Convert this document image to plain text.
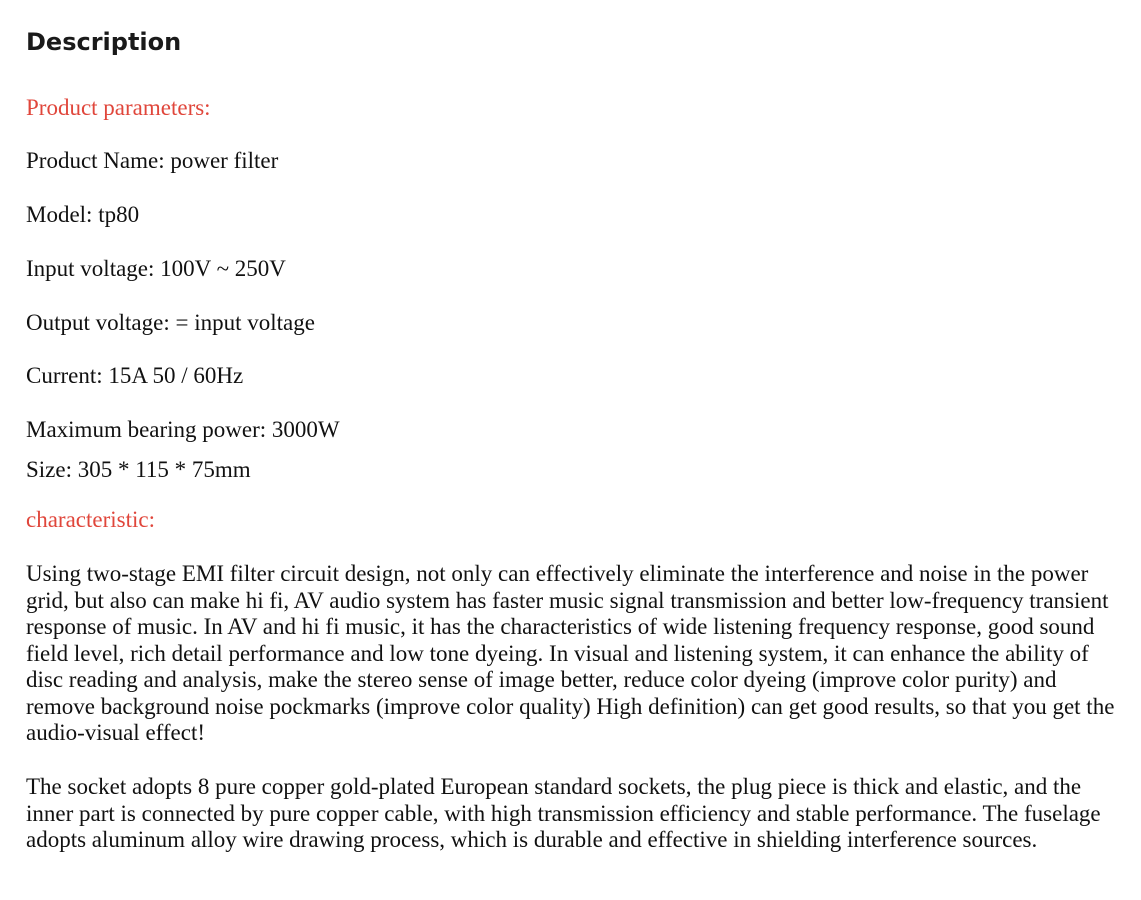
Description

Product parameters:

Product Name: power filter

Model: tp80

Input voltage: 100V ~ 250V

Output voltage: = input voltage

Current: 15A 50 / 60Hz

Maximum bearing power: 3000W

Size: 305 * 115 * 75mm

characteristic:

Using two-stage EMI filter circuit design, not only can effectively eliminate the interference and noise in the power grid, but also can make hi fi, AV audio system has faster music signal transmission and better low-frequency transient response of music. In AV and hi fi music, it has the characteristics of wide listening frequency response, good sound field level, rich detail performance and low tone dyeing. In visual and listening system, it can enhance the ability of disc reading and analysis, make the stereo sense of image better, reduce color dyeing (improve color purity) and remove background noise pockmarks (improve color quality) High definition) can get good results, so that you get the audio-visual effect!

The socket adopts 8 pure copper gold-plated European standard sockets, the plug piece is thick and elastic, and the inner part is connected by pure copper cable, with high transmission efficiency and stable performance. The fuselage adopts aluminum alloy wire drawing process, which is durable and effective in shielding interference sources.
